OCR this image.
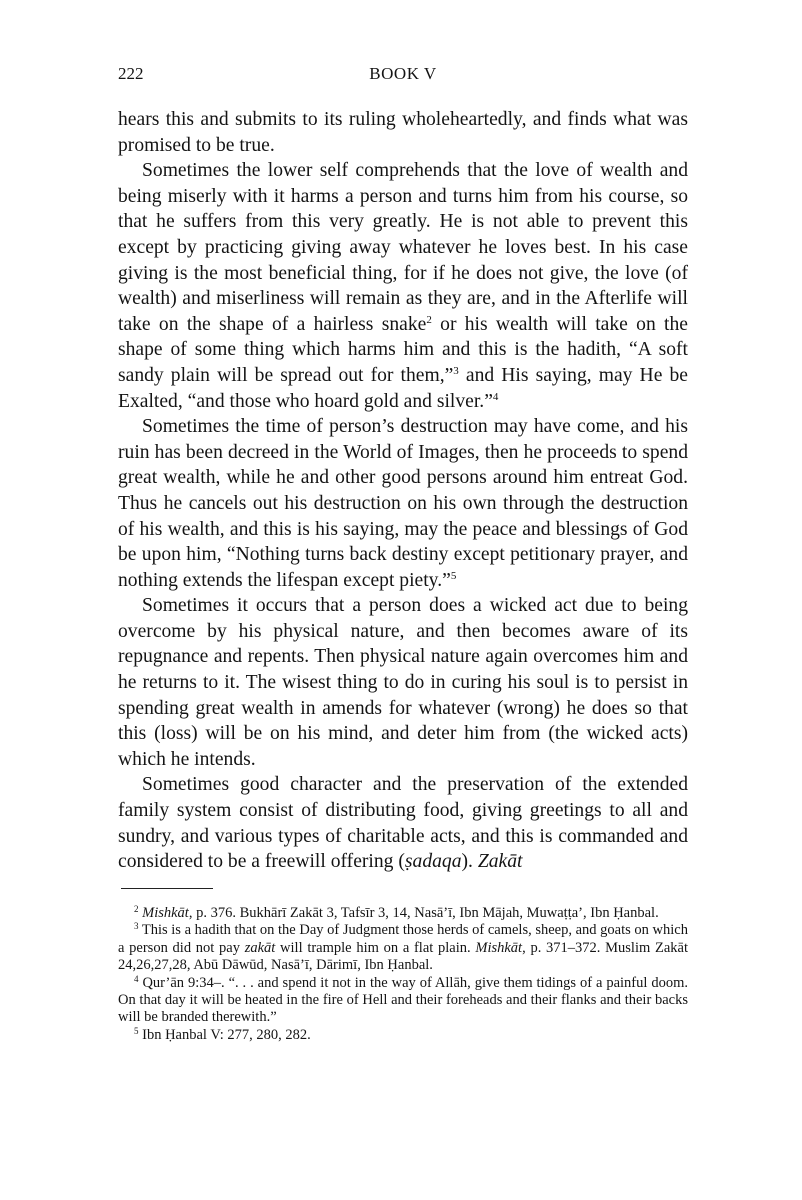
222	BOOK V

hears this and submits to its ruling wholeheartedly, and finds what was promised to be true.

Sometimes the lower self comprehends that the love of wealth and being miserly with it harms a person and turns him from his course, so that he suffers from this very greatly. He is not able to prevent this except by practicing giving away whatever he loves best. In his case giving is the most beneficial thing, for if he does not give, the love (of wealth) and miserliness will remain as they are, and in the Afterlife will take on the shape of a hairless snake$^2$ or his wealth will take on the shape of some thing which harms him and this is the hadith, “A soft sandy plain will be spread out for them,”$^3$ and His saying, may He be Exalted, “and those who hoard gold and silver.”$^4$

Sometimes the time of person’s destruction may have come, and his ruin has been decreed in the World of Images, then he proceeds to spend great wealth, while he and other good persons around him entreat God. Thus he cancels out his destruction on his own through the destruction of his wealth, and this is his saying, may the peace and blessings of God be upon him, “Nothing turns back destiny except petitionary prayer, and nothing extends the lifespan except piety.”$^5$

Sometimes it occurs that a person does a wicked act due to being overcome by his physical nature, and then becomes aware of its repugnance and repents. Then physical nature again overcomes him and he returns to it. The wisest thing to do in curing his soul is to persist in spending great wealth in amends for whatever (wrong) he does so that this (loss) will be on his mind, and deter him from (the wicked acts) which he intends.

Sometimes good character and the preservation of the extended family system consist of distributing food, giving greetings to all and sundry, and various types of charitable acts, and this is commanded and considered to be a freewill offering (ṣadaqa). Zakāt

$^2$ Mishkāt, p. 376. Bukhārī Zakāt 3, Tafsīr 3, 14, Nasā’ī, Ibn Mājah, Muwaṭṭa’, Ibn Ḥanbal.

$^3$ This is a hadith that on the Day of Judgment those herds of camels, sheep, and goats on which a person did not pay zakāt will trample him on a flat plain. Mishkāt, p. 371–372. Muslim Zakāt 24,26,27,28, Abū Dāwūd, Nasā’ī, Dārimī, Ibn Ḥanbal.

$^4$ Qur’ān 9:34–. “. . . and spend it not in the way of Allāh, give them tidings of a painful doom. On that day it will be heated in the fire of Hell and their foreheads and their flanks and their backs will be branded therewith.”

$^5$ Ibn Ḥanbal V: 277, 280, 282.
